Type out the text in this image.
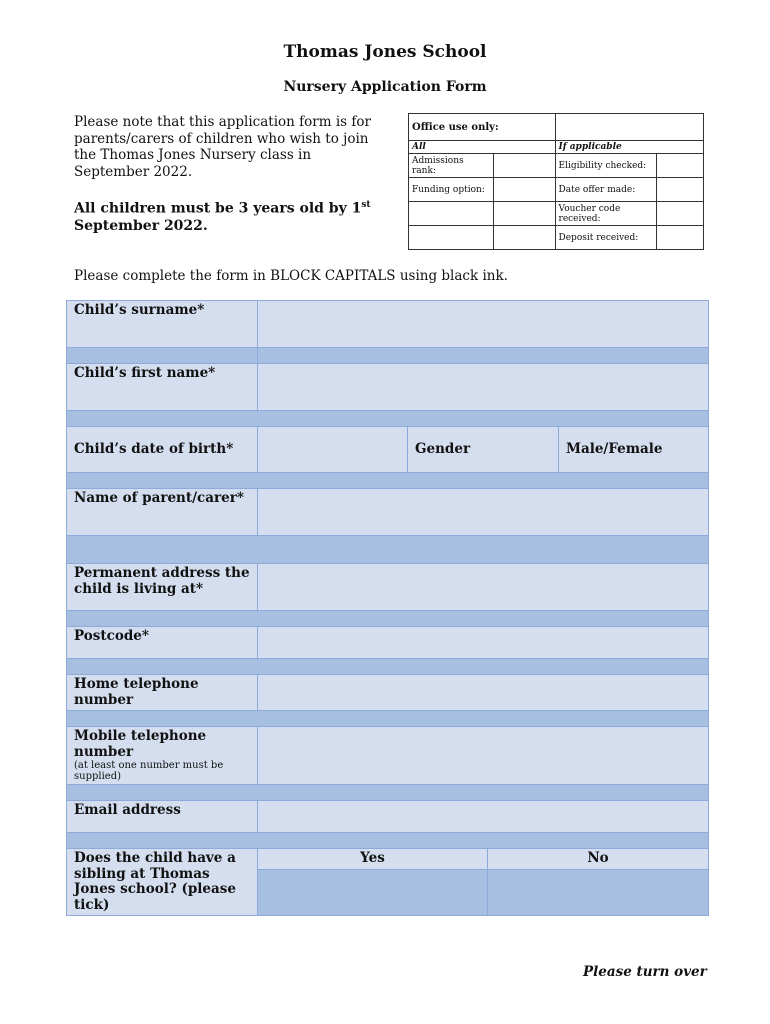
Thomas Jones School
Nursery Application Form
Please note that this application form is for parents/carers of children who wish to join the Thomas Jones Nursery class in September 2022.
All children must be 3 years old by 1st September 2022.
Office use only:			
All		If applicable	
Admissions rank:		Eligibility checked:	
Funding option:		Date offer made:	
		Voucher code received:	
		Deposit received:	
Please complete the form in BLOCK CAPITALS using black ink.
Child’s surname*				

Child’s first name*				

Child’s date of birth*		Gender		Male/Female

Name of parent/carer*				

Permanent address the child is living at*				

Postcode*				

Home telephone number				

Mobile telephone number
(at least one number must be supplied)				

Email address				

Does the child have a sibling at Thomas Jones school? (please tick)	Yes		No	

Please turn over
